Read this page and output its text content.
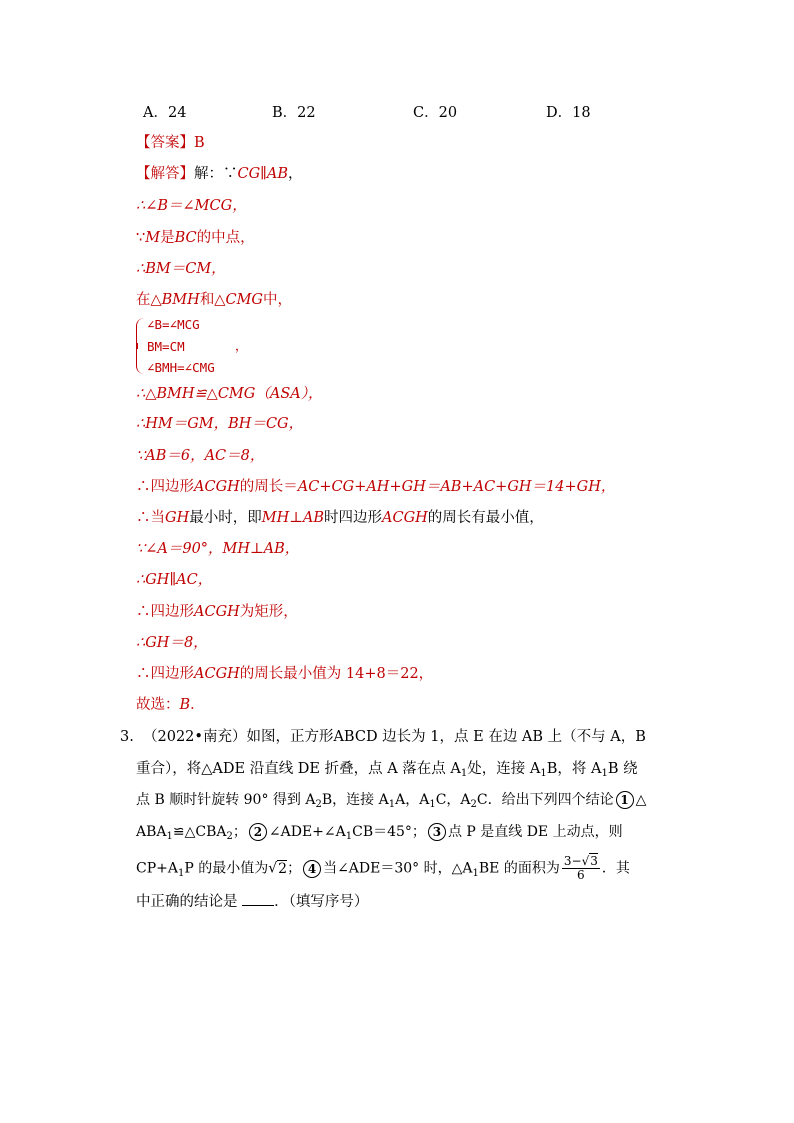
A．24	B．22	C．20	D．18
【答案】B
【解答】解：∵CG∥AB，
∴∠B＝∠MCG，
∵M是BC的中点，
∴BM＝CM，
在△BMH和△CMG中，
∠B=∠MCG
BM=CM	，
∠BMH=∠CMG
∴△BMH≌△CMG（ASA），
∴HM＝GM，BH＝CG，
∵AB＝6，AC＝8，
∴四边形ACGH的周长＝AC+CG+AH+GH＝AB+AC+GH＝14+GH，
∴当GH最小时，即MH⊥AB时四边形ACGH的周长有最小值，
∵∠A＝90°，MH⊥AB，
∴GH∥AC，
∴四边形ACGH为矩形，
∴GH＝8，
∴四边形ACGH的周长最小值为 14+8＝22，
故选：B．
3. （2022•南充）如图，正方形ABCD 边长为 1，点 E 在边 AB 上（不与 A，B
重合），将△ADE 沿直线 DE 折叠，点 A 落在点 $A_1$处，连接 $A_1B$，将 $A_1B$ 绕
点 B 顺时针旋转 90° 得到 $A_2B$，连接 $A_1A$，$A_1C$，$A_2C$．给出下列四个结论 1 △
$ABA_1≌\triangle CBA_2$； 2 $\angle ADE+\angle A_1CB=45^\circ$； 3 点 P 是直线 DE 上动点，则
$CP+A_1P$ 的最小值为√2； 4 当∠ADE＝30° 时，$\triangle A_1BE$ 的面积为 $\frac{3-√3}{6}$ ．其
中正确的结论是	．（填写序号）
